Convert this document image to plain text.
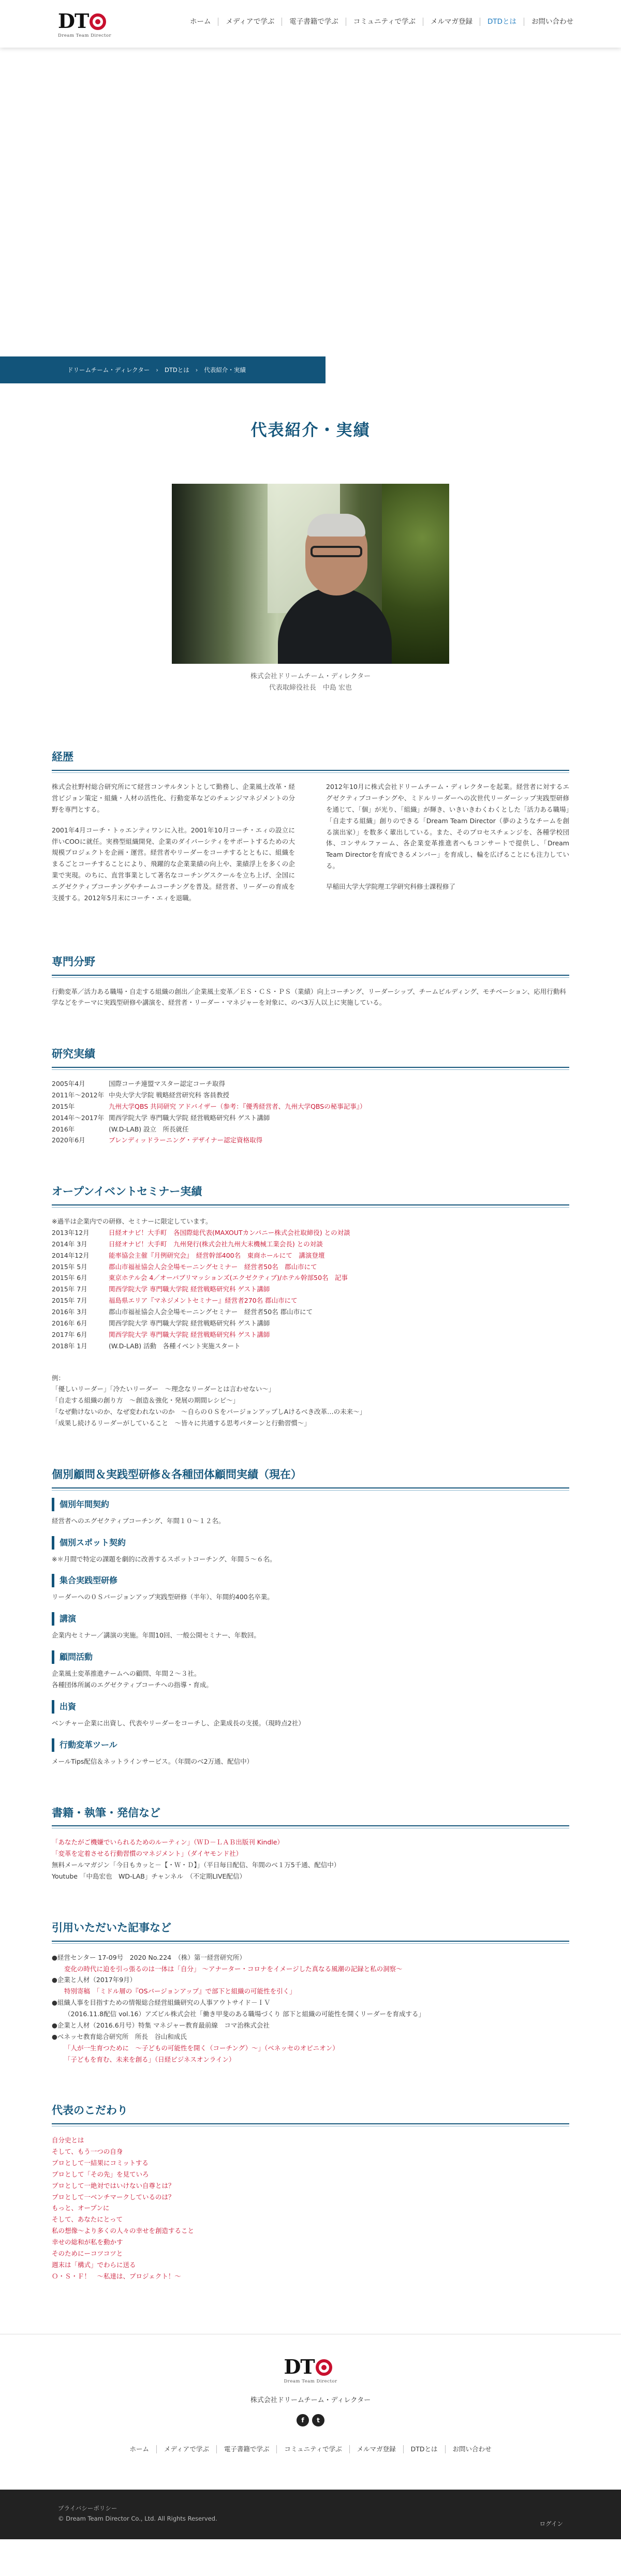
DT
Dream Team Director
ホーム	メディアで学ぶ	電子書籍で学ぶ	コミュニティで学ぶ	メルマガ登録	DTDとは	お問い合わせ
ドリームチーム・ディレクター › DTDとは › 代表紹介・実績
代表紹介・実績
株式会社ドリームチーム・ディレクター
代表取締役社長　中島 宏也
経歴

株式会社野村総合研究所にて経営コンサルタントとして勤務し、企業風土改革・経営ビジョン策定・組織・人材の活性化、行動変革などのチェンジマネジメントの分野を専門とする。

2001年4月コーチ・トゥエンティワンに入社。2001年10月コーチ・エィの設立に伴いCOOに就任。実務型組織開発、企業のダイバーシティをサポートするための大規模プロジェクトを企画・運営。経営者やリーダーをコーチするとともに、組織をまるごとコーチすることにより、飛躍的な企業業績の向上や、業績浮上を多くの企業で実現。のちに、直営事業として著名なコーチングスクールを立ち上げ、全国にエグゼクティブコーチングやチームコーチングを普及。経営者、リーダーの育成を支援する。2012年5月末にコーチ・エィを退職。

2012年10月に株式会社ドリームチーム・ディレクターを起業。経営者に対するエグゼクティブコーチングや、ミドルリーダーへの次世代リーダーシップ実践型研修を通じて、「個」が光り、「組織」が輝き、いきいきわくわくとした「活力ある職場」「自走する組織」創りのできる「Dream Team Director（夢のようなチームを創る演出家）」を数多く輩出している。また、そのプロセスチェンジを、各種学校団体、コンサルファーム、各企業変革推進者へもコンサートで提供し、「Dream Team Directorを育成できるメンバー」を育成し、輪を広げることにも注力している。

早稲田大学大学院理工学研究科修士課程修了

専門分野

行動変革／活力ある職場・自走する組織の創出／企業風土変革／ＥＳ・ＣＳ・ＰＳ（業績）向上コーチング、リーダーシップ、チームビルディング、モチベーション、応用行動科学などをテーマに実践型研修や講演を、経営者・リーダー・マネジャーを対象に、のべ3万人以上に実施している。

研究実績
2005年4月	国際コーチ連盟マスター認定コーチ取得
2011年〜2012年 中央大学大学院 戦略経営研究科 客員教授
2015年	九州大学QBS 共同研究 アドバイザー（参考：『優秀経営者、九州大学QBSの秘事記事』）
2014年〜2017年 関西学院大学 専門職大学院 経営戦略研究科 ゲスト講師
2016年	(W.D-LAB) 設立　所長就任
2020年6月	ブレンディッドラーニング・デザイナー認定資格取得
オープンイベントセミナー実績
※過半は企業内での研修、セミナーに限定しています。
2013年12月	日経オナビ！大手町　各国際総代表(MAXOUTカンパニー株式会社取締役) との対談
2014年 3月	日経オナビ！大手町　九州発行(株式会社九州大末機械工業会長) との対談
2014年12月	能率協会主催『月例研究会』　経営幹部400名　東商ホールにて　講演登壇
2015年 5月	郡山市福祉協会人会全場モーニングセミナー　経営者50名　郡山市にて
2015年 6月	東京ホテル会 4／オーバブリマッションズ(エクゼクティブ)/ホテル幹部50名　記事
2015年 7月	関西学院大学 専門職大学院 経営戦略研究科 ゲスト講師
2015年 7月	福島県エリア『マネジメントセミナー』経営者270名 郡山市にて
2016年 3月	郡山市福祉協会人会全場モーニングセミナー　経営者50名 郡山市にて
2016年 6月	関西学院大学 専門職大学院 経営戦略研究科 ゲスト講師
2017年 6月	関西学院大学 専門職大学院 経営戦略研究科 ゲスト講師
2018年 1月	(W.D-LAB) 活動　各種イベント実施スタート
例：
「優しいリーダー」「冷たいリーダー　〜理念なリーダーとは言わせない〜」
「自走する組織の創り方　〜創造＆強化・発展の期間レシピ〜」
「なぜ動けないのか、なぜ変われないのか　〜自らの０ＳをバージョンアップしАけるべき改革…の未来〜」
「成果し続けるリーダーがしていること　〜皆々に共通する思考パターンと行動習慣〜」
個別顧問＆実践型研修＆各種団体顧問実績（現在）
個別年間契約
経営者へのエグゼクティブコーチング、年間１０〜１２名。
個別スポット契約
※＊月間で特定の課題を劇的に改善するスポットコーチング、年間５〜６名。
集合実践型研修
リーダーへの０Ｓバージョンアップ実践型研修（半年）、年間約400名卒業。
講演
企業内セミナー／講演の実施。年間10回、一般公開セミナー、年数回。
顧問活動
企業風土変革推進チームへの顧問、年間２〜３社。
各種団体所属のエグゼクティブコーチへの指導・育成。
出資
ベンチャー企業に出資し、代表やリーダーをコーチし、企業成長の支援。（現時点2社）
行動変革ツール
メールTips配信＆ネットラインサービス。（年間のべ2万通、配信中）
書籍・執筆・発信など
「あなたがご機嫌でいられるためのルーティン」（ＷＤ－ＬＡＢ出版刊 Kindle）
「変革を定着させる行動習慣のマネジメント」（ダイヤモンド社）
無料メールマガジン「今日もカッと－【・Ｗ・Ｄ】」（平日毎日配信、年間のべ１万5千通、配信中）
Youtube 「中島宏也　WD-LAB」チャンネル　（不定期LIVE配信）
引用いただいた記事など
●経営センター 17-09号　2020 No.224　（株）第一経営研究所）
変化の時代に迫を引っ張るのは一体は「自分」 ～アナーター・コロナをイメージした真なる風潮の記録と私の洞察～
●企業と人材（2017年9月）
特別寄稿　「ミドル層の『OSバージョンアップ』で部下と組織の可能性を引く」
●組織人事を目指すための情報総合経営組織研究の人事アウトサイド－ＩＶ
（2016.11.8配信 vol.16）アズビル株式会社「働き甲斐のある職場づくり 部下と組織の可能性を開くリーダーを育成する」
●企業と人材（2016.6月号）特集 マネジャー教育最前線　コマ治株式会社
●ベネッセ教育総合研究所　所長　谷山和成氏
「人が一生育つために　〜子どもの可能性を開く（コーチング）〜」（ベネッセのオピニオン）
「子どもを育む、未来を創る」（日経ビジネスオンライン）
代表のこだわり
自分史とは
そして、もう一つの自身
プロとして一結果にコミットする
プロとして「その先」を見ていろ
プロとして一絶対ではいけない自尊とは？
プロとして一ベンチマークしているのは？
もっと、オープンに
そして、あなたにとって
私の想像～より多くの人々の幸せを創造すること
幸せの総和が私を動かす
そのためにーコツコツと
週末は「構式」でわらに送る
Ｏ・Ｓ・Ｆ！　〜私達は、プロジェクト！〜
DT
Dream Team Director
株式会社ドリームチーム・ディレクター
f	t
ホーム	メディアで学ぶ	電子書籍で学ぶ	コミュニティで学ぶ	メルマガ登録	DTDとは	お問い合わせ
プライバシーポリシー
© Dream Team Director Co., Ltd. All Rights Reserved.
ログイン
